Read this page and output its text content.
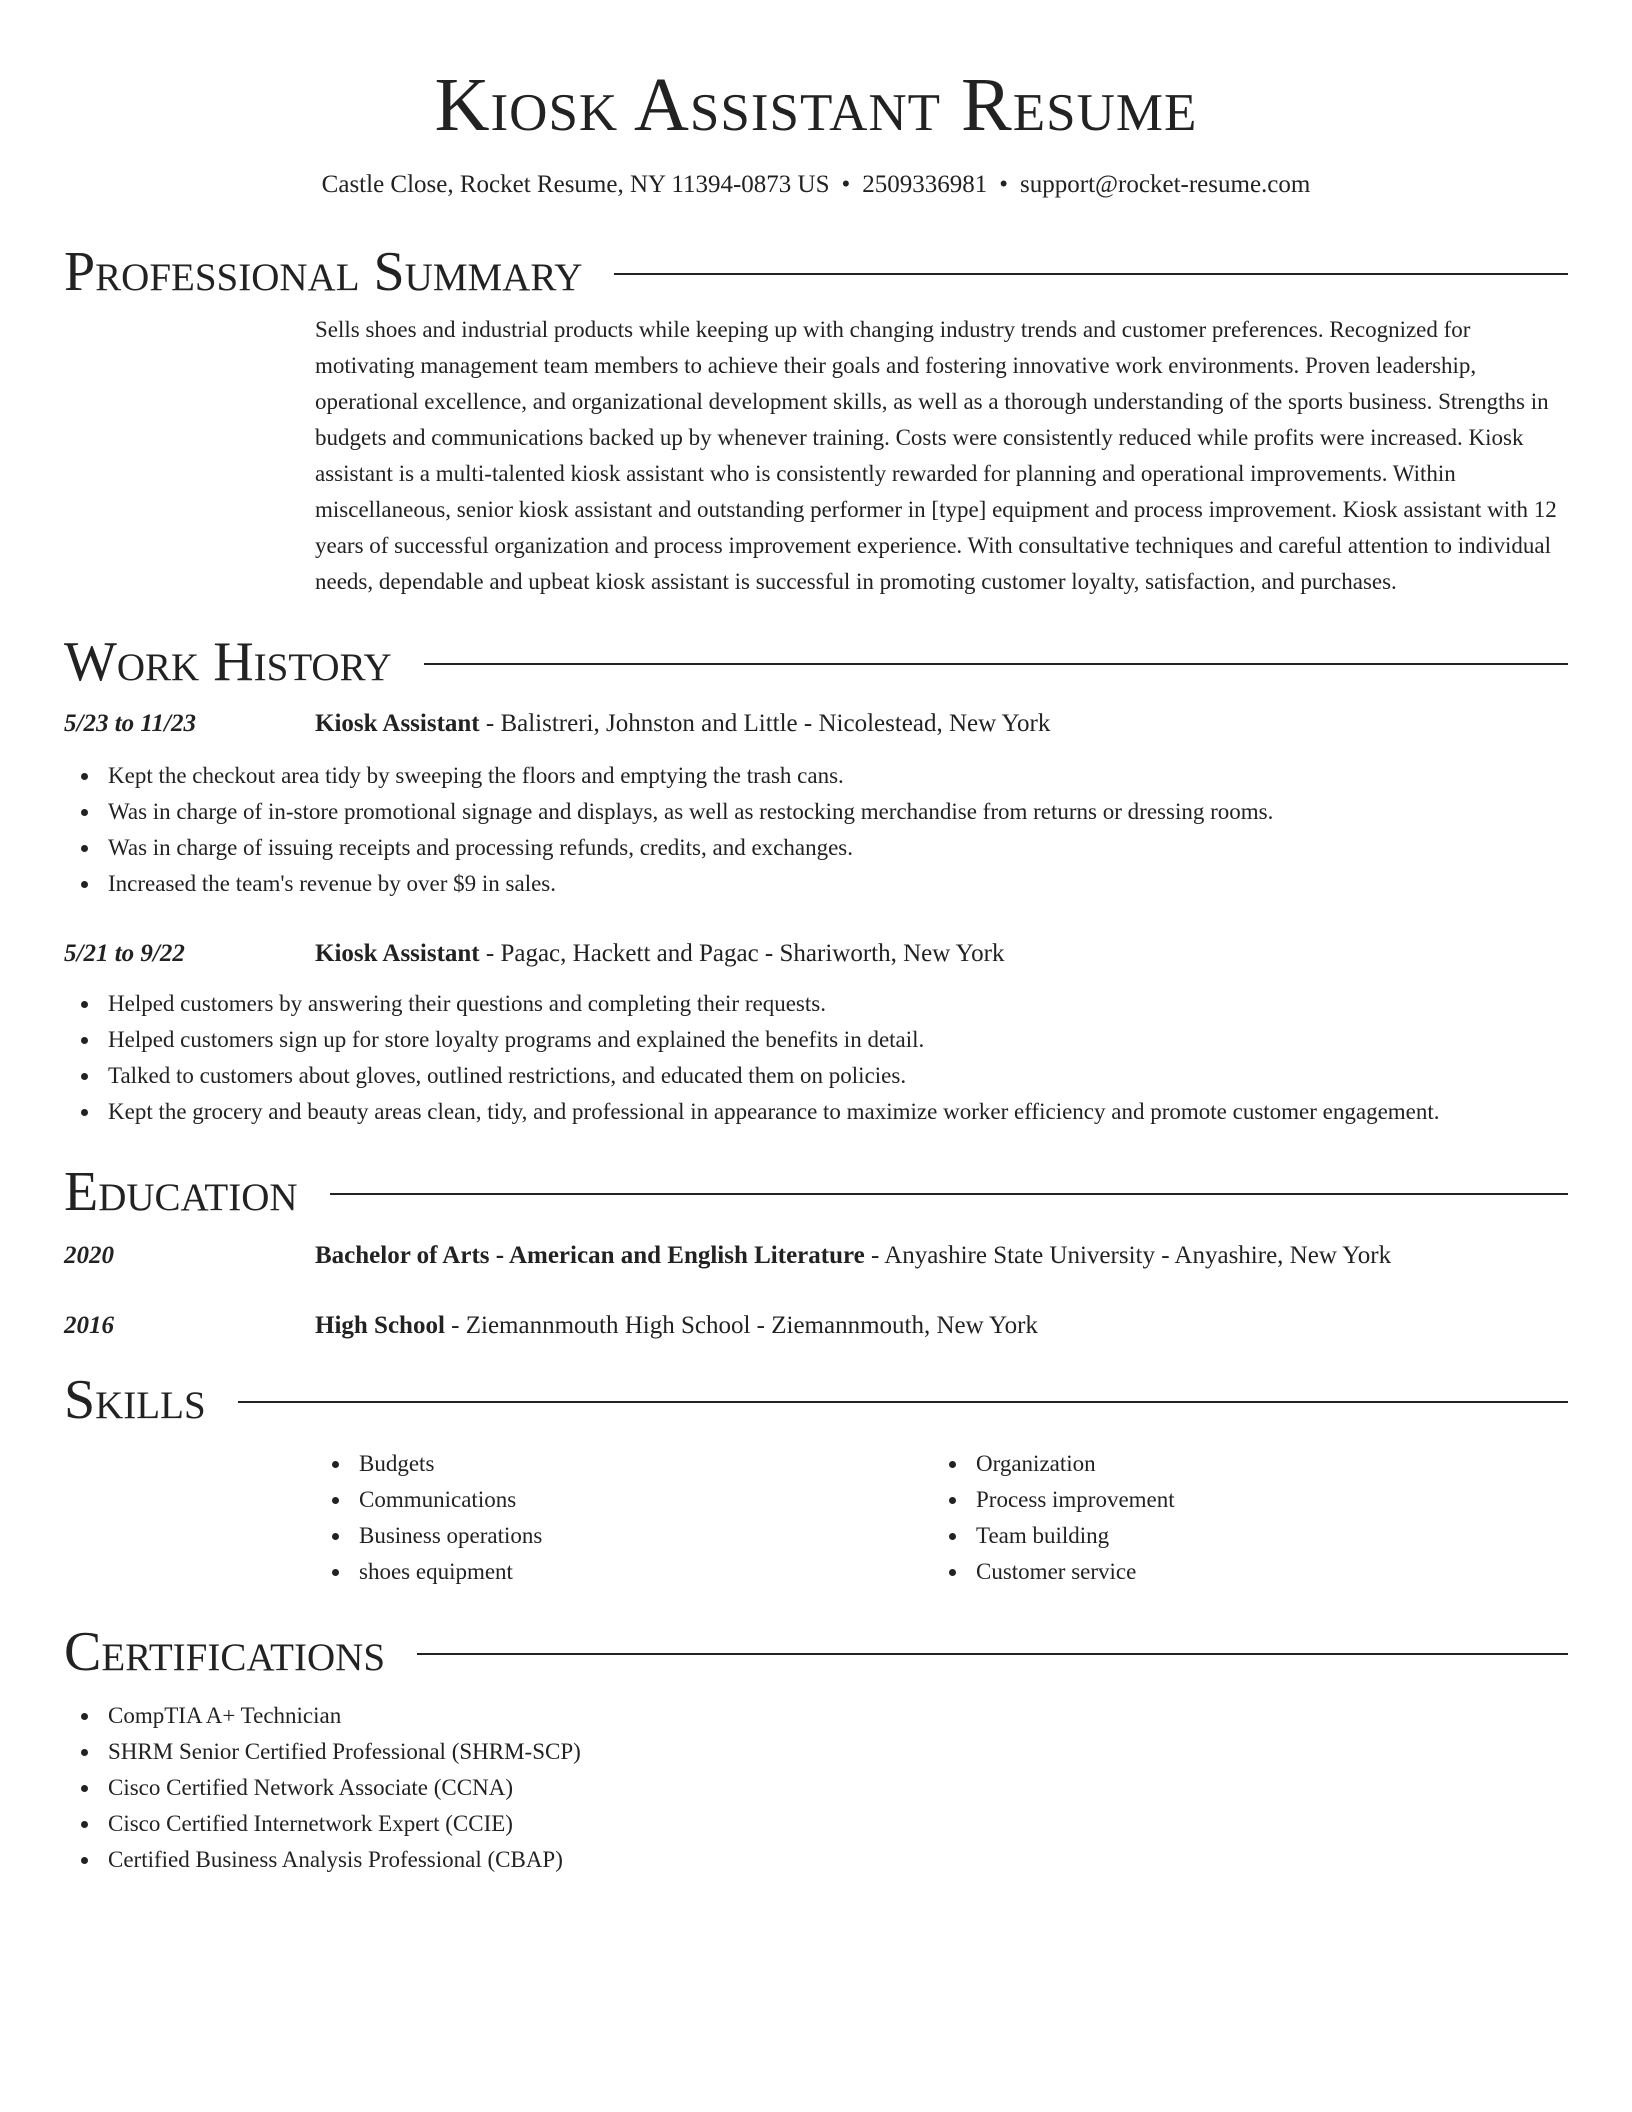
Kiosk Assistant Resume
Castle Close, Rocket Resume, NY 11394-0873 US • 2509336981 • support@rocket-resume.com
Professional Summary
Sells shoes and industrial products while keeping up with changing industry trends and customer preferences. Recognized for motivating management team members to achieve their goals and fostering innovative work environments. Proven leadership, operational excellence, and organizational development skills, as well as a thorough understanding of the sports business. Strengths in budgets and communications backed up by whenever training. Costs were consistently reduced while profits were increased. Kiosk assistant is a multi-talented kiosk assistant who is consistently rewarded for planning and operational improvements. Within miscellaneous, senior kiosk assistant and outstanding performer in [type] equipment and process improvement. Kiosk assistant with 12 years of successful organization and process improvement experience. With consultative techniques and careful attention to individual needs, dependable and upbeat kiosk assistant is successful in promoting customer loyalty, satisfaction, and purchases.
Work History
5/23 to 11/23	Kiosk Assistant - Balistreri, Johnston and Little - Nicolestead, New York
Kept the checkout area tidy by sweeping the floors and emptying the trash cans.
Was in charge of in-store promotional signage and displays, as well as restocking merchandise from returns or dressing rooms.
Was in charge of issuing receipts and processing refunds, credits, and exchanges.
Increased the team's revenue by over $9 in sales.
5/21 to 9/22	Kiosk Assistant - Pagac, Hackett and Pagac - Shariworth, New York
Helped customers by answering their questions and completing their requests.
Helped customers sign up for store loyalty programs and explained the benefits in detail.
Talked to customers about gloves, outlined restrictions, and educated them on policies.
Kept the grocery and beauty areas clean, tidy, and professional in appearance to maximize worker efficiency and promote customer engagement.
Education
2020	Bachelor of Arts - American and English Literature - Anyashire State University - Anyashire, New York
2016	High School - Ziemannmouth High School - Ziemannmouth, New York
Skills
Budgets
Communications
Business operations
shoes equipment
Organization
Process improvement
Team building
Customer service
Certifications
CompTIA A+ Technician
SHRM Senior Certified Professional (SHRM-SCP)
Cisco Certified Network Associate (CCNA)
Cisco Certified Internetwork Expert (CCIE)
Certified Business Analysis Professional (CBAP)
